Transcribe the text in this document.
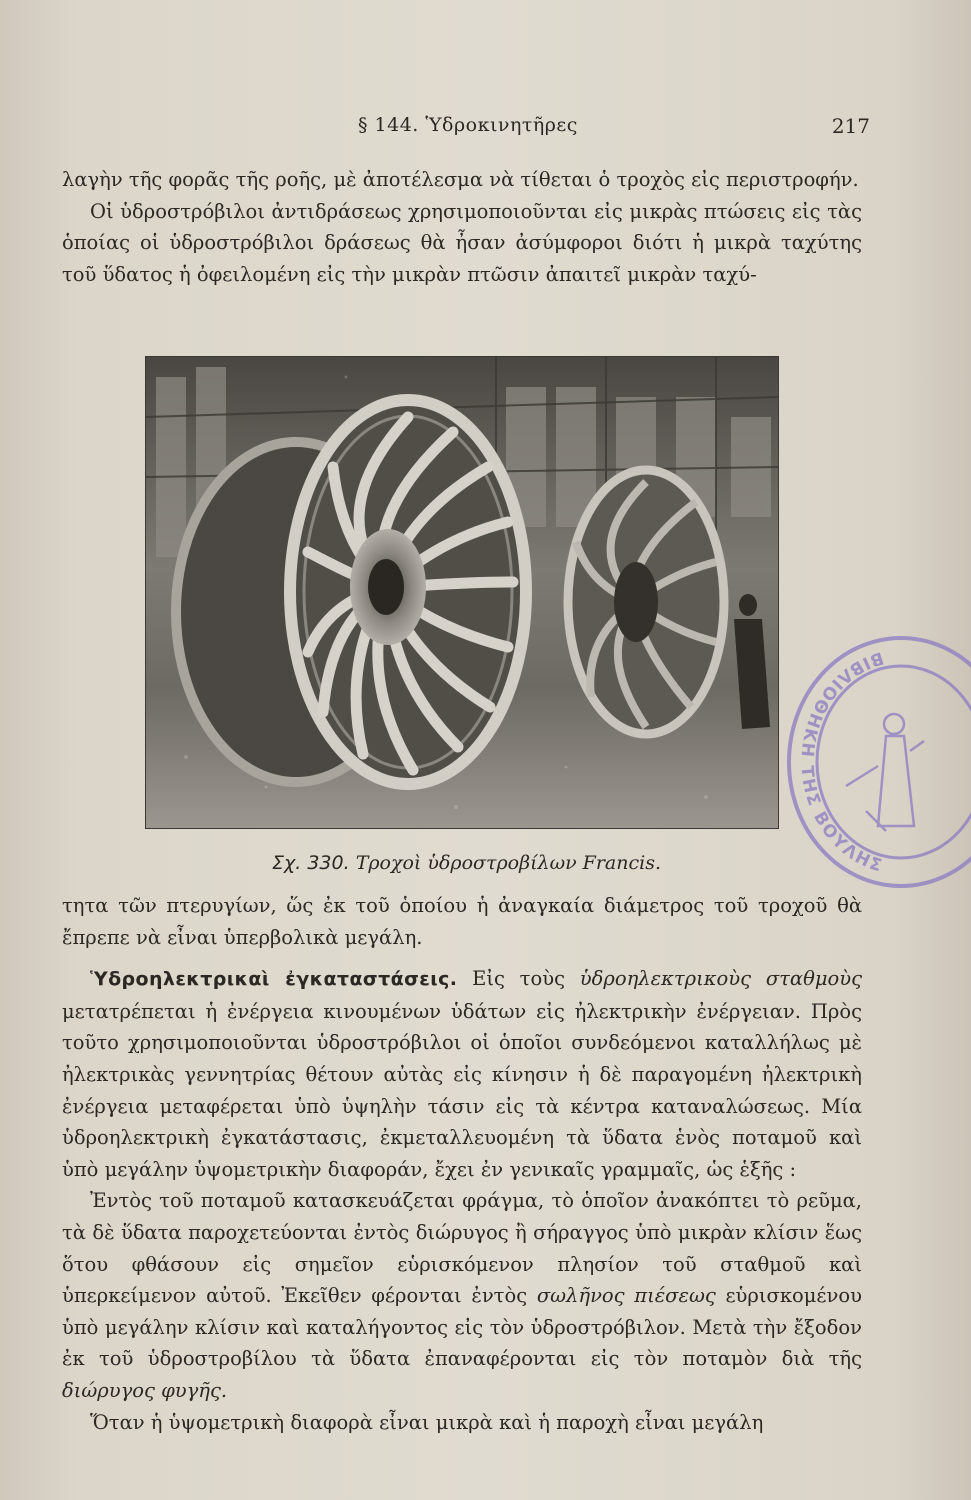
§ 144. Ὑδροκινητῆρες	217

λαγὴν τῆς φορᾶς τῆς ροῆς, μὲ ἀποτέλεσμα νὰ τίθεται ὁ τροχὸς εἰς περιστροφήν.

Οἱ ὑδροστρόβιλοι ἀντιδράσεως χρησιμοποιοῦνται εἰς μικρὰς πτώσεις εἰς τὰς ὁποίας οἱ ὑδροστρόβιλοι δράσεως θὰ ἦσαν ἀσύμφοροι διότι ἡ μικρὰ ταχύτης τοῦ ὕδατος ἡ ὀφειλομένη εἰς τὴν μικρὰν πτῶσιν ἀπαιτεῖ μικρὰν ταχύ-

Σχ. 330. Τροχοὶ ὑδροστροβίλων Francis.

τητα τῶν πτερυγίων, ὥς ἐκ τοῦ ὁποίου ἡ ἀναγκαία διάμετρος τοῦ τροχοῦ θὰ ἔπρεπε νὰ εἶναι ὑπερβολικὰ μεγάλη.

Ὑδροηλεκτρικαὶ ἐγκαταστάσεις. Εἰς τοὺς ὑδροηλεκτρικοὺς σταθμοὺς μετατρέπεται ἡ ἐνέργεια κινουμένων ὑδάτων εἰς ἠλεκτρικὴν ἐνέργειαν. Πρὸς τοῦτο χρησιμοποιοῦνται ὑδροστρόβιλοι οἱ ὁποῖοι συνδεόμενοι καταλλήλως μὲ ἠλεκτρικὰς γεννητρίας θέτουν αὐτὰς εἰς κίνησιν ἡ δὲ παραγομένη ἠλεκτρικὴ ἐνέργεια μεταφέρεται ὑπὸ ὑψηλὴν τάσιν εἰς τὰ κέντρα καταναλώσεως. Μία ὑδροηλεκτρικὴ ἐγκατάστασις, ἐκμεταλλευομένη τὰ ὕδατα ἑνὸς ποταμοῦ καὶ ὑπὸ μεγάλην ὑψομετρικὴν διαφοράν, ἔχει ἐν γενικαῖς γραμμαῖς, ὡς ἑξῆς :

Ἐντὸς τοῦ ποταμοῦ κατασκευάζεται φράγμα, τὸ ὁποῖον ἀνακόπτει τὸ ρεῦμα, τὰ δὲ ὕδατα παροχετεύονται ἐντὸς διώρυγος ἢ σήραγγος ὑπὸ μικρὰν κλίσιν ἕως ὅτου φθάσουν εἰς σημεῖον εὑρισκόμενον πλησίον τοῦ σταθμοῦ καὶ ὑπερκείμενον αὐτοῦ. Ἐκεῖθεν φέρονται ἐντὸς σωλῆνος πιέσεως εὑρισκομένου ὑπὸ μεγάλην κλίσιν καὶ καταλήγοντος εἰς τὸν ὑδροστρόβιλον. Μετὰ τὴν ἔξοδον ἐκ τοῦ ὑδροστροβίλου τὰ ὕδατα ἐπαναφέρονται εἰς τὸν ποταμὸν διὰ τῆς διώρυγος φυγῆς.

Ὅταν ἡ ὑψομετρικὴ διαφορὰ εἶναι μικρὰ καὶ ἡ παροχὴ εἶναι μεγάλη

ΒΙΒΛΙΟΘΗΚΗ ΤΗΣ ΒΟΥΛΗΣ
